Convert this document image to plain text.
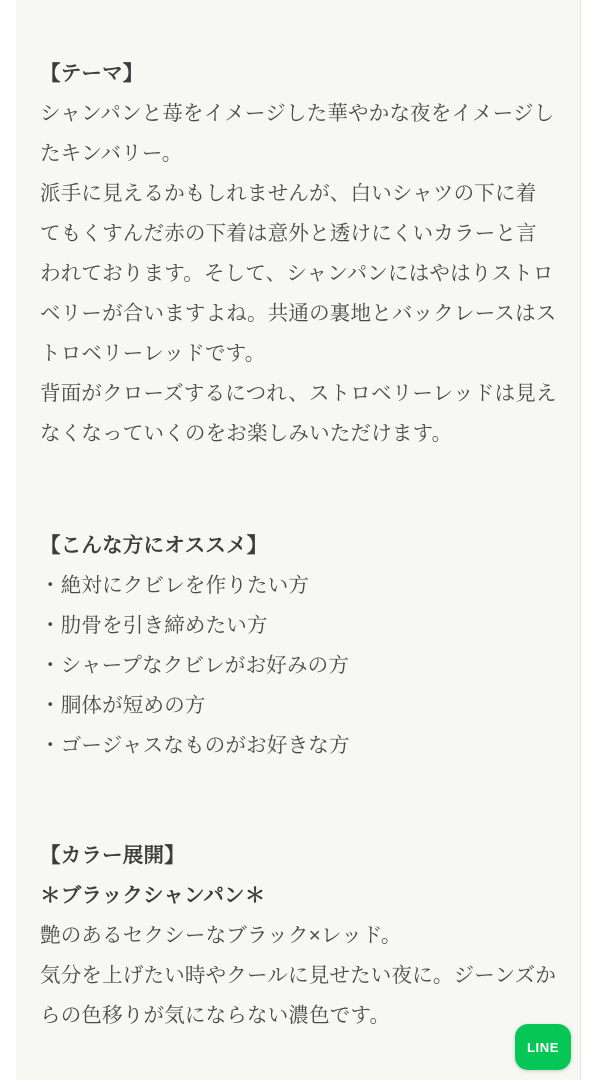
【テーマ】

シャンパンと苺をイメージした華やかな夜をイメージしたキンバリー。

派手に見えるかもしれませんが、白いシャツの下に着てもくすんだ赤の下着は意外と透けにくいカラーと言われております。そして、シャンパンにはやはりストロベリーが合いますよね。共通の裏地とバックレースはストロベリーレッドです。

背面がクローズするにつれ、ストロベリーレッドは見えなくなっていくのをお楽しみいただけます。

【こんな方にオススメ】

・絶対にクビレを作りたい方
・肋骨を引き締めたい方
・シャープなクビレがお好みの方
・胴体が短めの方
・ゴージャスなものがお好きな方

【カラー展開】

＊ブラックシャンパン＊

艶のあるセクシーなブラック×レッド。

気分を上げたい時やクールに見せたい夜に。ジーンズからの色移りが気にならない濃色です。

LINE
